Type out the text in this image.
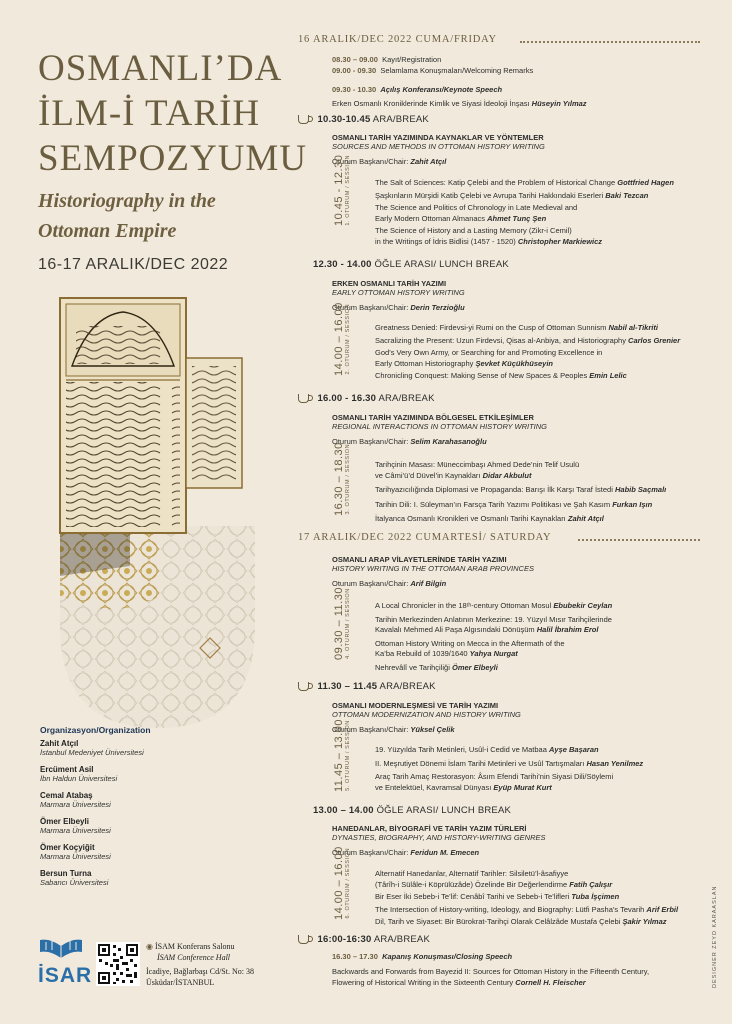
OSMANLI’DA
İLM-İ TARİH
SEMPOZYUMU
Historiography in the
Ottoman Empire
16-17 ARALIK/DEC 2022
Organizasyon/Organization
Zahit Atçıl
İstanbul Medeniyet Üniversitesi
Ercüment Asil
İbn Haldun Üniversitesi
Cemal Atabaş
Marmara Üniversitesi
Ömer Elbeyli
Marmara Üniversitesi
Ömer Koçyiğit
Marmara Üniversitesi
Bersun Turna
Sabancı Üniversitesi
İSAR
◉ İSAM Konferans Salonu
İSAM Conference Hall
İcadiye, Bağlarbaşı Cd/St. No: 38
Üsküdar/İSTANBUL	DESIGNER ZEYD KARAASLAN
16 ARALIK/DEC 2022 CUMA/FRIDAY
08.30 – 09.00 Kayıt/Registration
09.00 - 09.30 Selamlama Konuşmaları/Welcoming Remarks
09.30 - 10.30 Açılış Konferansı/Keynote Speech
Erken Osmanlı Kroniklerinde Kimlik ve Siyasi İdeoloji İnşası Hüseyin Yılmaz
10.30-10.45 ARA/BREAK
OSMANLI TARİH YAZIMINDA KAYNAKLAR VE YÖNTEMLER
SOURCES AND METHODS IN OTTOMAN HISTORY WRITING
Oturum Başkanı/Chair: Zahit Atçıl
10.45 - 12.30 1. OTURUM / SESSION	The Salt of Sciences: Katip Çelebi and the Problem of Historical Change Gottfried Hagen
Şaşkınların Mürşidi Katib Çelebi ve Avrupa Tarihi Hakkındaki Eserleri Baki Tezcan
The Science and Politics of Chronology in Late Medieval and
Early Modern Ottoman Almanacs Ahmet Tunç Şen
The Science of History and a Lasting Memory (Zikr-i Cemil)
in the Writings of İdris Bidlisi (1457 - 1520) Christopher Markiewicz
12.30 - 14.00 ÖĞLE ARASI/ LUNCH BREAK
ERKEN OSMANLI TARİH YAZIMI
EARLY OTTOMAN HISTORY WRITING
Oturum Başkanı/Chair: Derin Terzioğlu
14.00 – 16.00 2. OTURUM / SESSION	Greatness Denied: Firdevsi-yi Rumi on the Cusp of Ottoman Sunnism Nabil al-Tikriti
Sacralizing the Present: Uzun Firdevsi, Qisas al-Anbiya, and Historiography Carlos Grenier
God’s Very Own Army, or Searching for and Promoting Excellence in
Early Ottoman Historiography Şevket Küçükhüseyin
Chronicling Conquest: Making Sense of New Spaces & Peoples Emin Lelic
16.00 - 16.30 ARA/BREAK
OSMANLI TARİH YAZIMINDA BÖLGESEL ETKİLEŞİMLER
REGIONAL INTERACTIONS IN OTTOMAN HISTORY WRITING
Oturum Başkanı/Chair: Selim Karahasanoğlu
16.30 – 18.30 3. OTURUM / SESSION	Tarihçinin Masası: Müneccimbaşı Ahmed Dede’nin Telif Usulü
ve Câmi’ü’d Düvel’in Kaynakları Didar Akbulut
Tarihyazıcılığında Diplomasi ve Propaganda: Barışı İlk Karşı Taraf İstedi Habib Saçmalı
Tarihin Dili: I. Süleyman’ın Farsça Tarih Yazımı Politikası ve Şah Kasım Furkan Işın
İtalyanca Osmanlı Kronikleri ve Osmanlı Tarihi Kaynakları Zahit Atçıl
17 ARALIK/DEC 2022 CUMARTESİ/ SATURDAY
OSMANLI ARAP VİLAYETLERİNDE TARİH YAZIMI
HISTORY WRITING IN THE OTTOMAN ARAB PROVINCES
Oturum Başkanı/Chair: Arif Bilgin
09.30 – 11.30 4. OTURUM / SESSION	A Local Chronicler in the 18ᵗʰ-century Ottoman Mosul Ebubekir Ceylan
Tarihin Merkezinden Anlatının Merkezine: 19. Yüzyıl Mısır Tarihçilerinde
Kavalalı Mehmed Ali Paşa Algısındaki Dönüşüm Halil İbrahim Erol
Ottoman History Writing on Mecca in the Aftermath of the
Ka’ba Rebuild of 1039/1640 Yahya Nurgat
Nehrevâlî ve Tarihçiliği Ömer Elbeyli
11.30 – 11.45 ARA/BREAK
OSMANLI MODERNLEŞMESİ VE TARİH YAZIMI
OTTOMAN MODERNIZATION AND HISTORY WRITING
Oturum Başkanı/Chair: Yüksel Çelik
11.45 – 13.00 5. OTURUM / SESSION	19. Yüzyılda Tarih Metinleri, Usûl-i Cedid ve Matbaa Ayşe Başaran
II. Meşrutiyet Dönemi İslam Tarihi Metinleri ve Usûl Tartışmaları Hasan Yenilmez
Araç Tarih Amaç Restorasyon: Âsım Efendi Tarihi’nin Siyasi Dili/Söylemi
ve Entelektüel, Kavramsal Dünyası Eyüp Murat Kurt
13.00 – 14.00 ÖĞLE ARASI/ LUNCH BREAK
HANEDANLAR, BİYOGRAFİ VE TARİH YAZIM TÜRLERİ
DYNASTIES, BIOGRAPHY, AND HISTORY-WRITING GENRES
Oturum Başkanı/Chair: Feridun M. Emecen
14.00 – 16.00 6. OTURUM / SESSION	Alternatif Hanedanlar, Alternatif Tarihler: Silsiletü’l-âsafiyye
(Târîh-i Sülâle-i Köprülüzâde) Özelinde Bir Değerlendirme Fatih Çalışır
Bir Eser İki Sebeb-i Te’lif: Cenâbî Tarihi ve Sebeb-i Te’lifleri Tuba İşçimen
The Intersection of History-writing, Ideology, and Biography: Lütfi Pasha’s Tevarih Arif Erbil
Dil, Tarih ve Siyaset: Bir Bürokrat-Tarihçi Olarak Celâlzâde Mustafa Çelebi Şakir Yılmaz
16:00-16:30 ARA/BREAK
16.30 – 17.30 Kapanış Konuşması/Closing Speech
Backwards and Forwards from Bayezid II: Sources for Ottoman History in the Fifteenth Century,
Flowering of Historical Writing in the Sixteenth Century Cornell H. Fleischer
